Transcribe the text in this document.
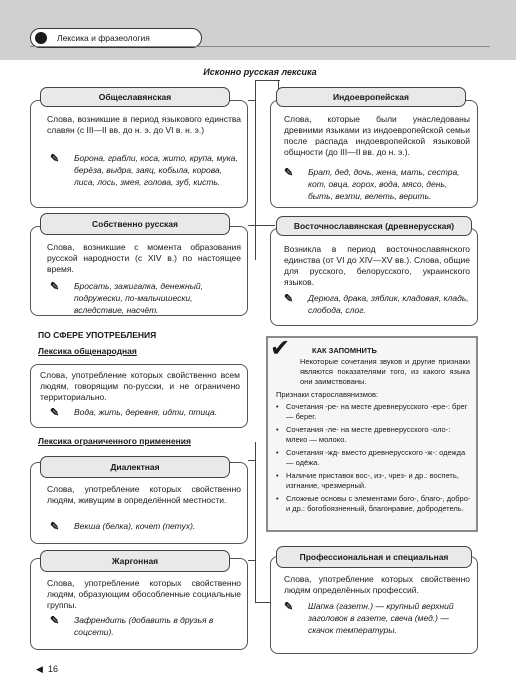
Лексика и фразеология
Исконно русская лексика
Общеславянская
Слова, возникшие в период языкового единства славян (с III—II вв. до н. э. до VI в. н. э.)
✎ Борона, грабли, коса, жито, крупа, мука, берёза, выдра, заяц, кобыла, корова, лиса, лось, змея, голова, зуб, кисть.
Индоевропейская
Слова, которые были унаследованы древними языками из индоевропейской семьи после распада индоевропейской языковой общности (до III—II вв. до н. э.).
✎ Брат, дед, дочь, жена, мать, сестра, кот, овца, горох, вода, мясо, день, быть, везти, велеть, верить.
Собственно русская
Слова, возникшие с момента образования русской народности (с XIV в.) по настоящее время.
✎ Бросать, зажигалка, денежный, подружески, по-мальчишески, вследствие, насчёт.
Восточнославянская (древнерусская)
Возникла в период восточнославянского единства (от VI до XIV—XV вв.). Слова, общие для русского, белорусского, украинского языков.
✎ Дерюга, драка, зяблик, кладовая, кладь, слобода, слог.
ПО СФЕРЕ УПОТРЕБЛЕНИЯ
Лексика общенародная
Слова, употребление которых свойственно всем людям, говорящим по-русски, и не ограничено территориально.
✎ Вода, жить, деревня, идти, птица.
Лексика ограниченного применения
Диалектная
Слова, употребление которых свойственно людям, живущим в определённой местности.
✎ Векша (белка), кочет (петух).
Жаргонная
Слова, употребление которых свойственно людям, образующим обособленные социальные группы.
✎ Зафрендить (добавить в друзья в соцсети).
✔	КАК ЗАПОМНИТЬ
Некоторые сочетания звуков и другие признаки являются показателями того, из какого языка они заимствованы.
Признаки старославянизмов:
• Сочетания -ре- на месте древнерусского -ере-: брег — берег.
• Сочетания -ле- на месте древнерусского -оло-: млеко — молоко.
• Сочетания -жд- вместо древнерусского -ж-: одежда — одёжа.
• Наличие приставок вос-, из-, чрез- и др.: воспеть, изгнание, чрезмерный.
• Сложные основы с элементами бого-, благо-, добро- и др.: богобоязненный, благонравие, добродетель.
Профессиональная и специальная
Слова, употребление которых свойственно людям определённых профессий.
✎ Шапка (газетн.) — крупный верхний заголовок в газете, свеча (мед.) — скачок температуры.
◀ 16
